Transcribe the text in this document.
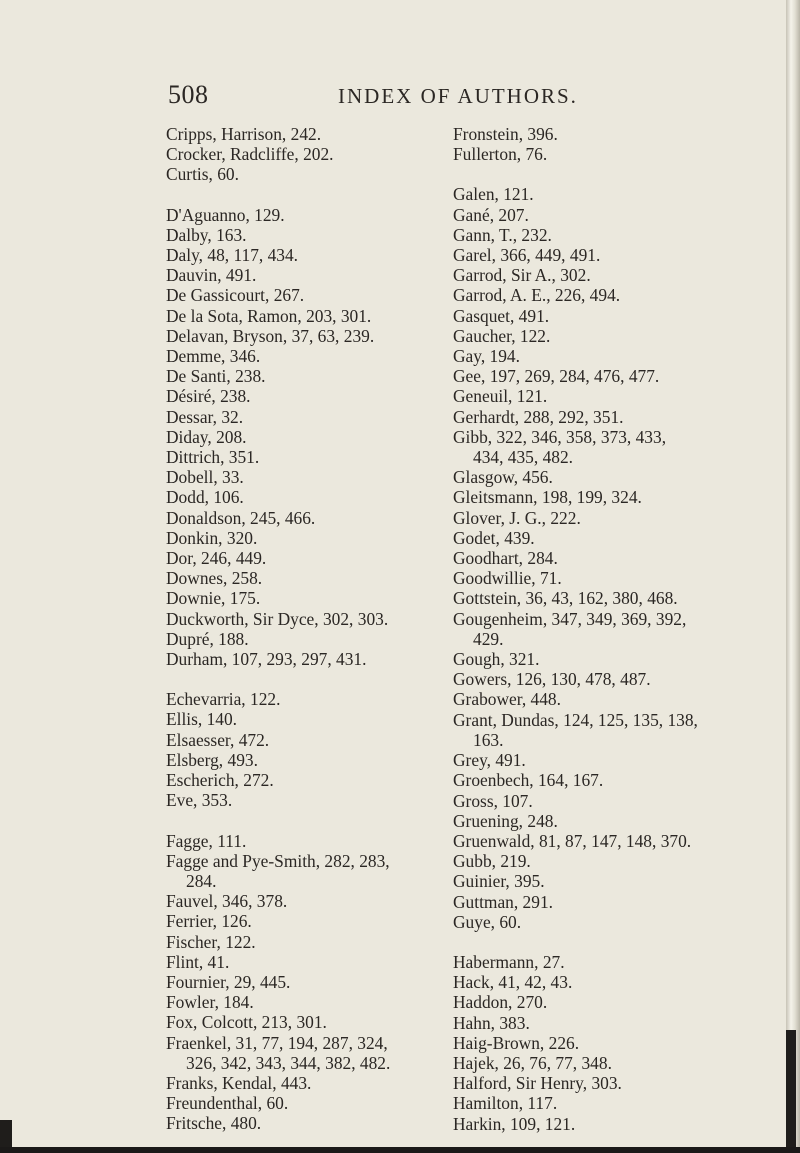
508	INDEX OF AUTHORS.
Cripps, Harrison, 242.
Crocker, Radcliffe, 202.
Curtis, 60.
D'Aguanno, 129.
Dalby, 163.
Daly, 48, 117, 434.
Dauvin, 491.
De Gassicourt, 267.
De la Sota, Ramon, 203, 301.
Delavan, Bryson, 37, 63, 239.
Demme, 346.
De Santi, 238.
Désiré, 238.
Dessar, 32.
Diday, 208.
Dittrich, 351.
Dobell, 33.
Dodd, 106.
Donaldson, 245, 466.
Donkin, 320.
Dor, 246, 449.
Downes, 258.
Downie, 175.
Duckworth, Sir Dyce, 302, 303.
Dupré, 188.
Durham, 107, 293, 297, 431.
Echevarria, 122.
Ellis, 140.
Elsaesser, 472.
Elsberg, 493.
Escherich, 272.
Eve, 353.
Fagge, 111.
Fagge and Pye-Smith, 282, 283,
284.
Fauvel, 346, 378.
Ferrier, 126.
Fischer, 122.
Flint, 41.
Fournier, 29, 445.
Fowler, 184.
Fox, Colcott, 213, 301.
Fraenkel, 31, 77, 194, 287, 324,
326, 342, 343, 344, 382, 482.
Franks, Kendal, 443.
Freundenthal, 60.
Fritsche, 480.
Fronstein, 396.
Fullerton, 76.
Galen, 121.
Gané, 207.
Gann, T., 232.
Garel, 366, 449, 491.
Garrod, Sir A., 302.
Garrod, A. E., 226, 494.
Gasquet, 491.
Gaucher, 122.
Gay, 194.
Gee, 197, 269, 284, 476, 477.
Geneuil, 121.
Gerhardt, 288, 292, 351.
Gibb, 322, 346, 358, 373, 433,
434, 435, 482.
Glasgow, 456.
Gleitsmann, 198, 199, 324.
Glover, J. G., 222.
Godet, 439.
Goodhart, 284.
Goodwillie, 71.
Gottstein, 36, 43, 162, 380, 468.
Gougenheim, 347, 349, 369, 392,
429.
Gough, 321.
Gowers, 126, 130, 478, 487.
Grabower, 448.
Grant, Dundas, 124, 125, 135, 138,
163.
Grey, 491.
Groenbech, 164, 167.
Gross, 107.
Gruening, 248.
Gruenwald, 81, 87, 147, 148, 370.
Gubb, 219.
Guinier, 395.
Guttman, 291.
Guye, 60.
Habermann, 27.
Hack, 41, 42, 43.
Haddon, 270.
Hahn, 383.
Haig-Brown, 226.
Hajek, 26, 76, 77, 348.
Halford, Sir Henry, 303.
Hamilton, 117.
Harkin, 109, 121.
